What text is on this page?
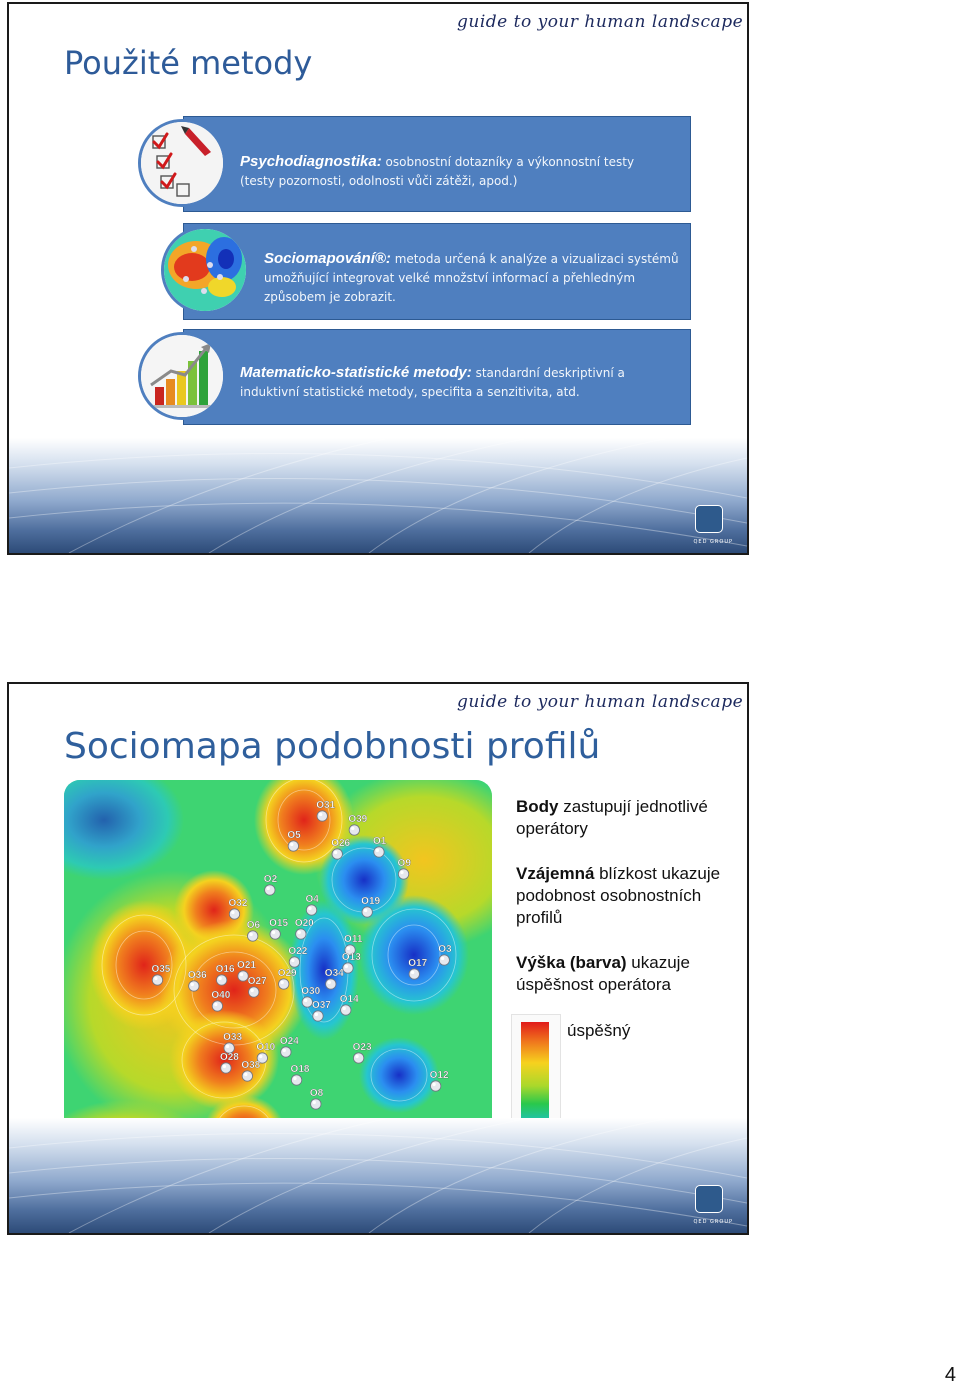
guide to your human landscape
Použité metody
Psychodiagnostika: osobnostní dotazníky a výkonnostní testy (testy pozornosti, odolnosti vůči zátěži, apod.)
Sociomapování®: metoda určená k analýze a vizualizaci systémů umožňující integrovat velké množství informací a přehledným způsobem je zobrazit.
Matematicko-statistické metody: standardní deskriptivní a induktivní statistické metody, specifita a senzitivita, atd.
QED GROUP
guide to your human landscape
Sociomapa podobnosti profilů
O31
O39
O5
O26 O1
O9
O2
O4	O19
O32
O6 O15 O20
O11
O3
O22
O13
O17
O35
O36
O16 O21
O27
O29	O34
O40	O30
O14
O37
O33	O24
O10	O23
O28
O38	O18
O12
O8
Body zastupují jednotlivé operátory
Vzájemná blízkost ukazuje podobnost osobnostních profilů
Výška (barva) ukazuje úspěšnost operátora
úspěšný
QED GROUP
4
